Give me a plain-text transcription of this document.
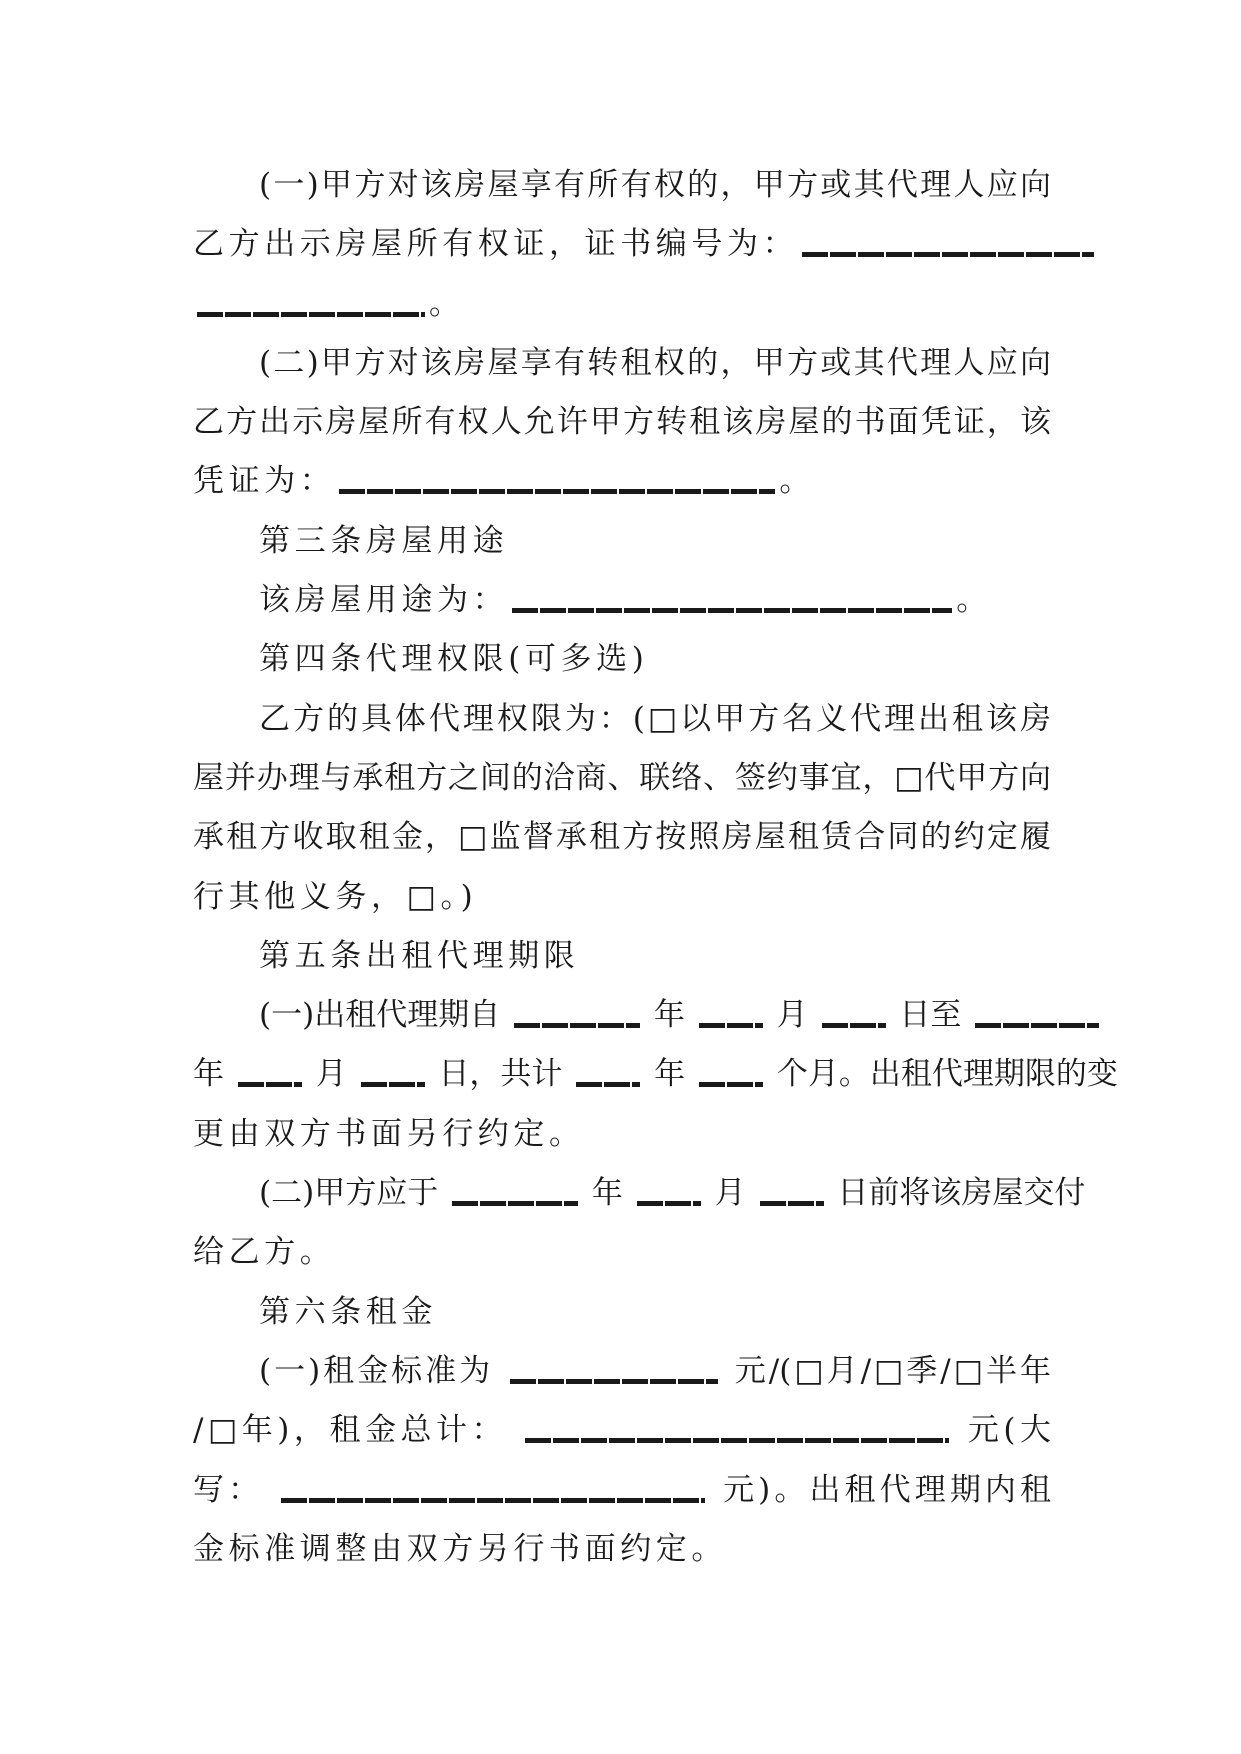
(一)甲方对该房屋享有所有权的，甲方或其代理人应向
乙方出示房屋所有权证，证书编号为：
。
(二)甲方对该房屋享有转租权的，甲方或其代理人应向
乙方出示房屋所有权人允许甲方转租该房屋的书面凭证，该
凭证为：	。
第三条房屋用途
该房屋用途为：	。
第四条代理权限(可多选)
乙方的具体代理权限为：(□以甲方名义代理出租该房
屋并办理与承租方之间的洽商、联络、签约事宜，□代甲方向
承租方收取租金，□监督承租方按照房屋租赁合同的约定履
行其他义务，□。)
第五条出租代理期限
(一)出租代理期自	年	月	日至
年	月	日，共计	年	个月。出租代理期限的变
更由双方书面另行约定。
(二)甲方应于	年	月	日前将该房屋交付
给乙方。
第六条租金
(一)租金标准为	元/(□月/□季/□半年
/□年)，租金总计：	元(大
写：	元)。出租代理期内租
金标准调整由双方另行书面约定。
